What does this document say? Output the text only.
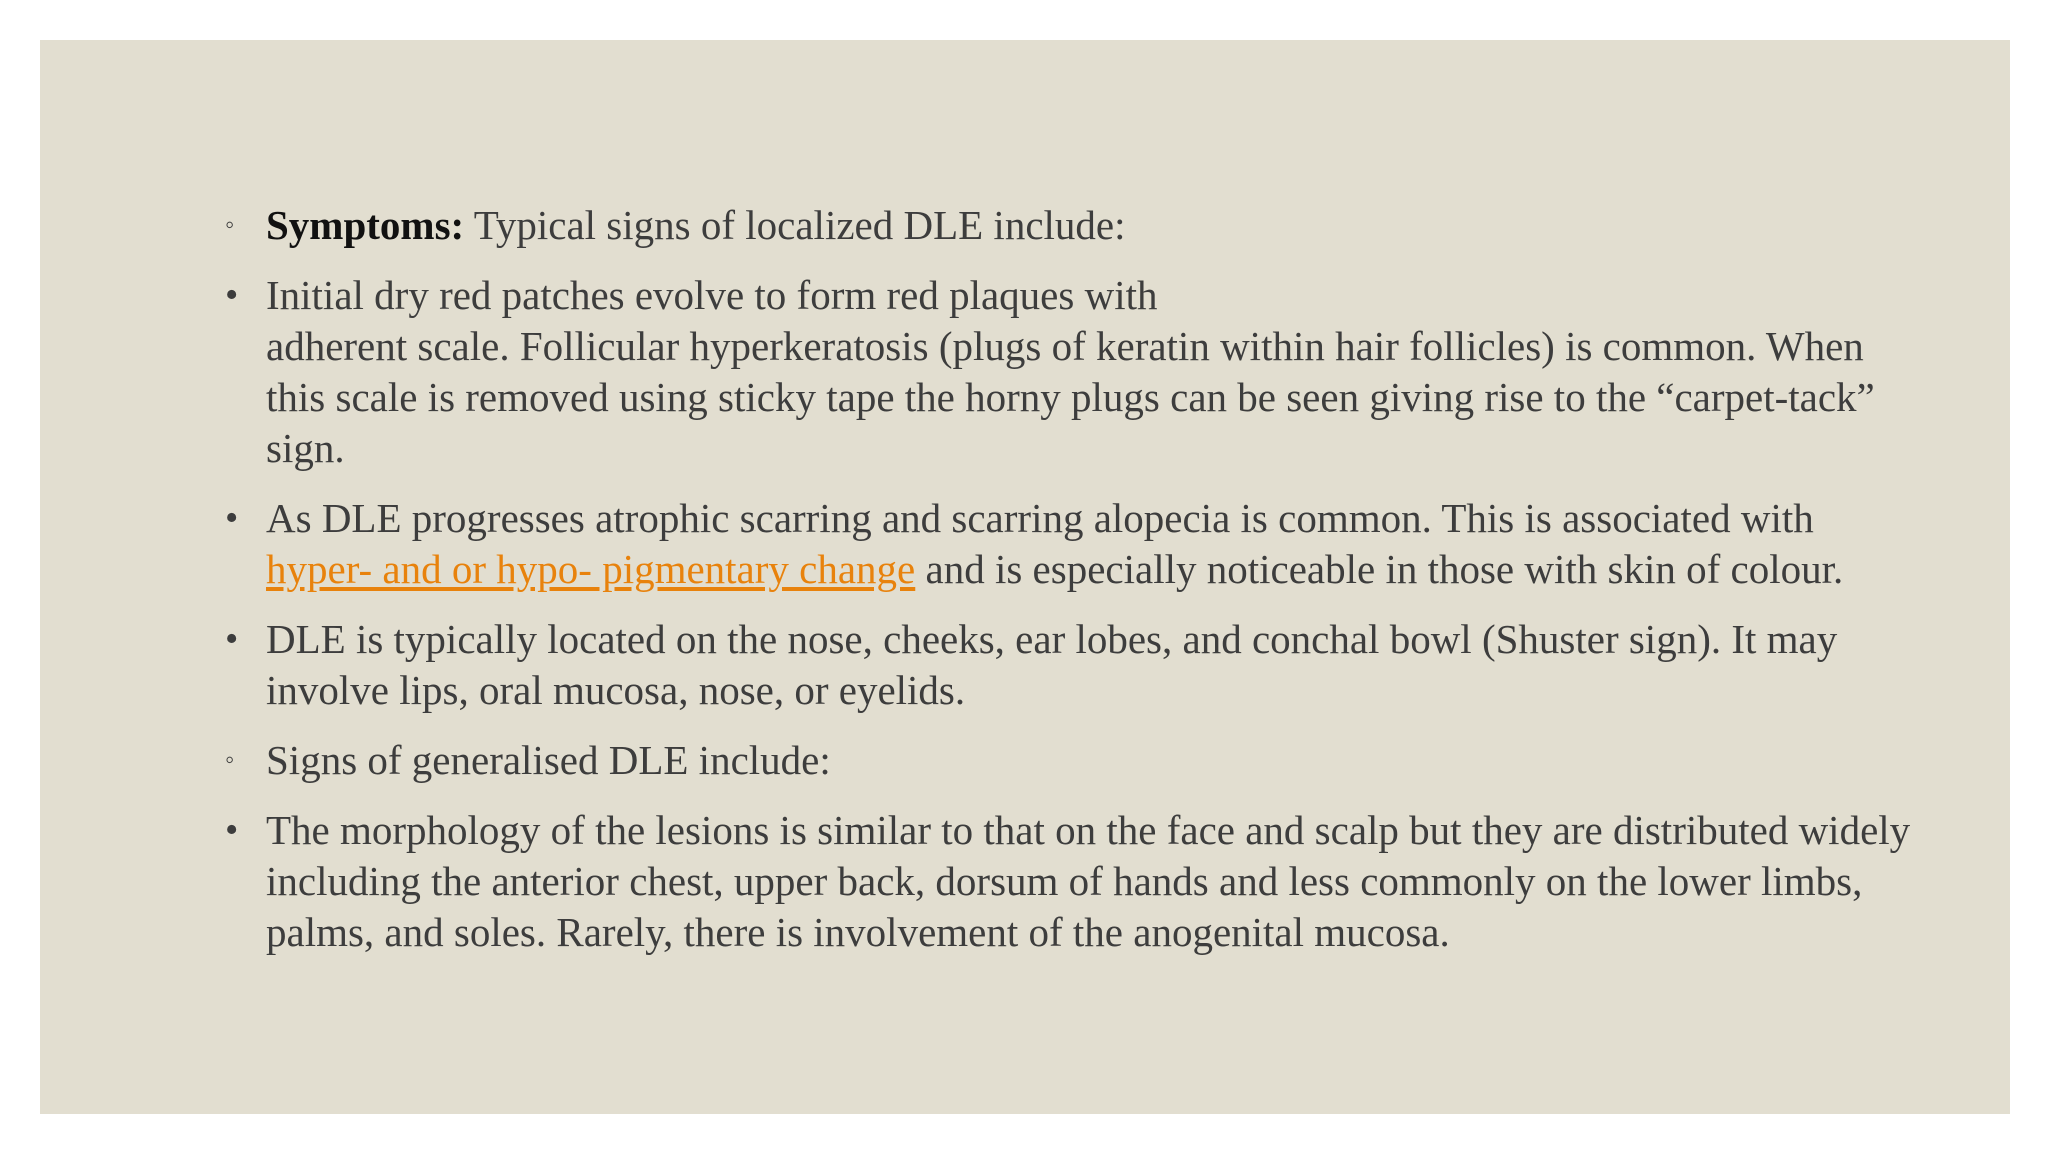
◦ Symptoms: Typical signs of localized DLE include:
• Initial dry red patches evolve to form red plaques with
adherent scale. Follicular hyperkeratosis (plugs of keratin within hair follicles) is common. When this scale is removed using sticky tape the horny plugs can be seen giving rise to the “carpet-tack” sign.
• As DLE progresses atrophic scarring and scarring alopecia is common. This is associated with hyper- and or hypo- pigmentary change and is especially noticeable in those with skin of colour.
• DLE is typically located on the nose, cheeks, ear lobes, and conchal bowl (Shuster sign). It may involve lips, oral mucosa, nose, or eyelids.
◦ Signs of generalised DLE include:
• The morphology of the lesions is similar to that on the face and scalp but they are distributed widely including the anterior chest, upper back, dorsum of hands and less commonly on the lower limbs, palms, and soles. Rarely, there is involvement of the anogenital mucosa.
